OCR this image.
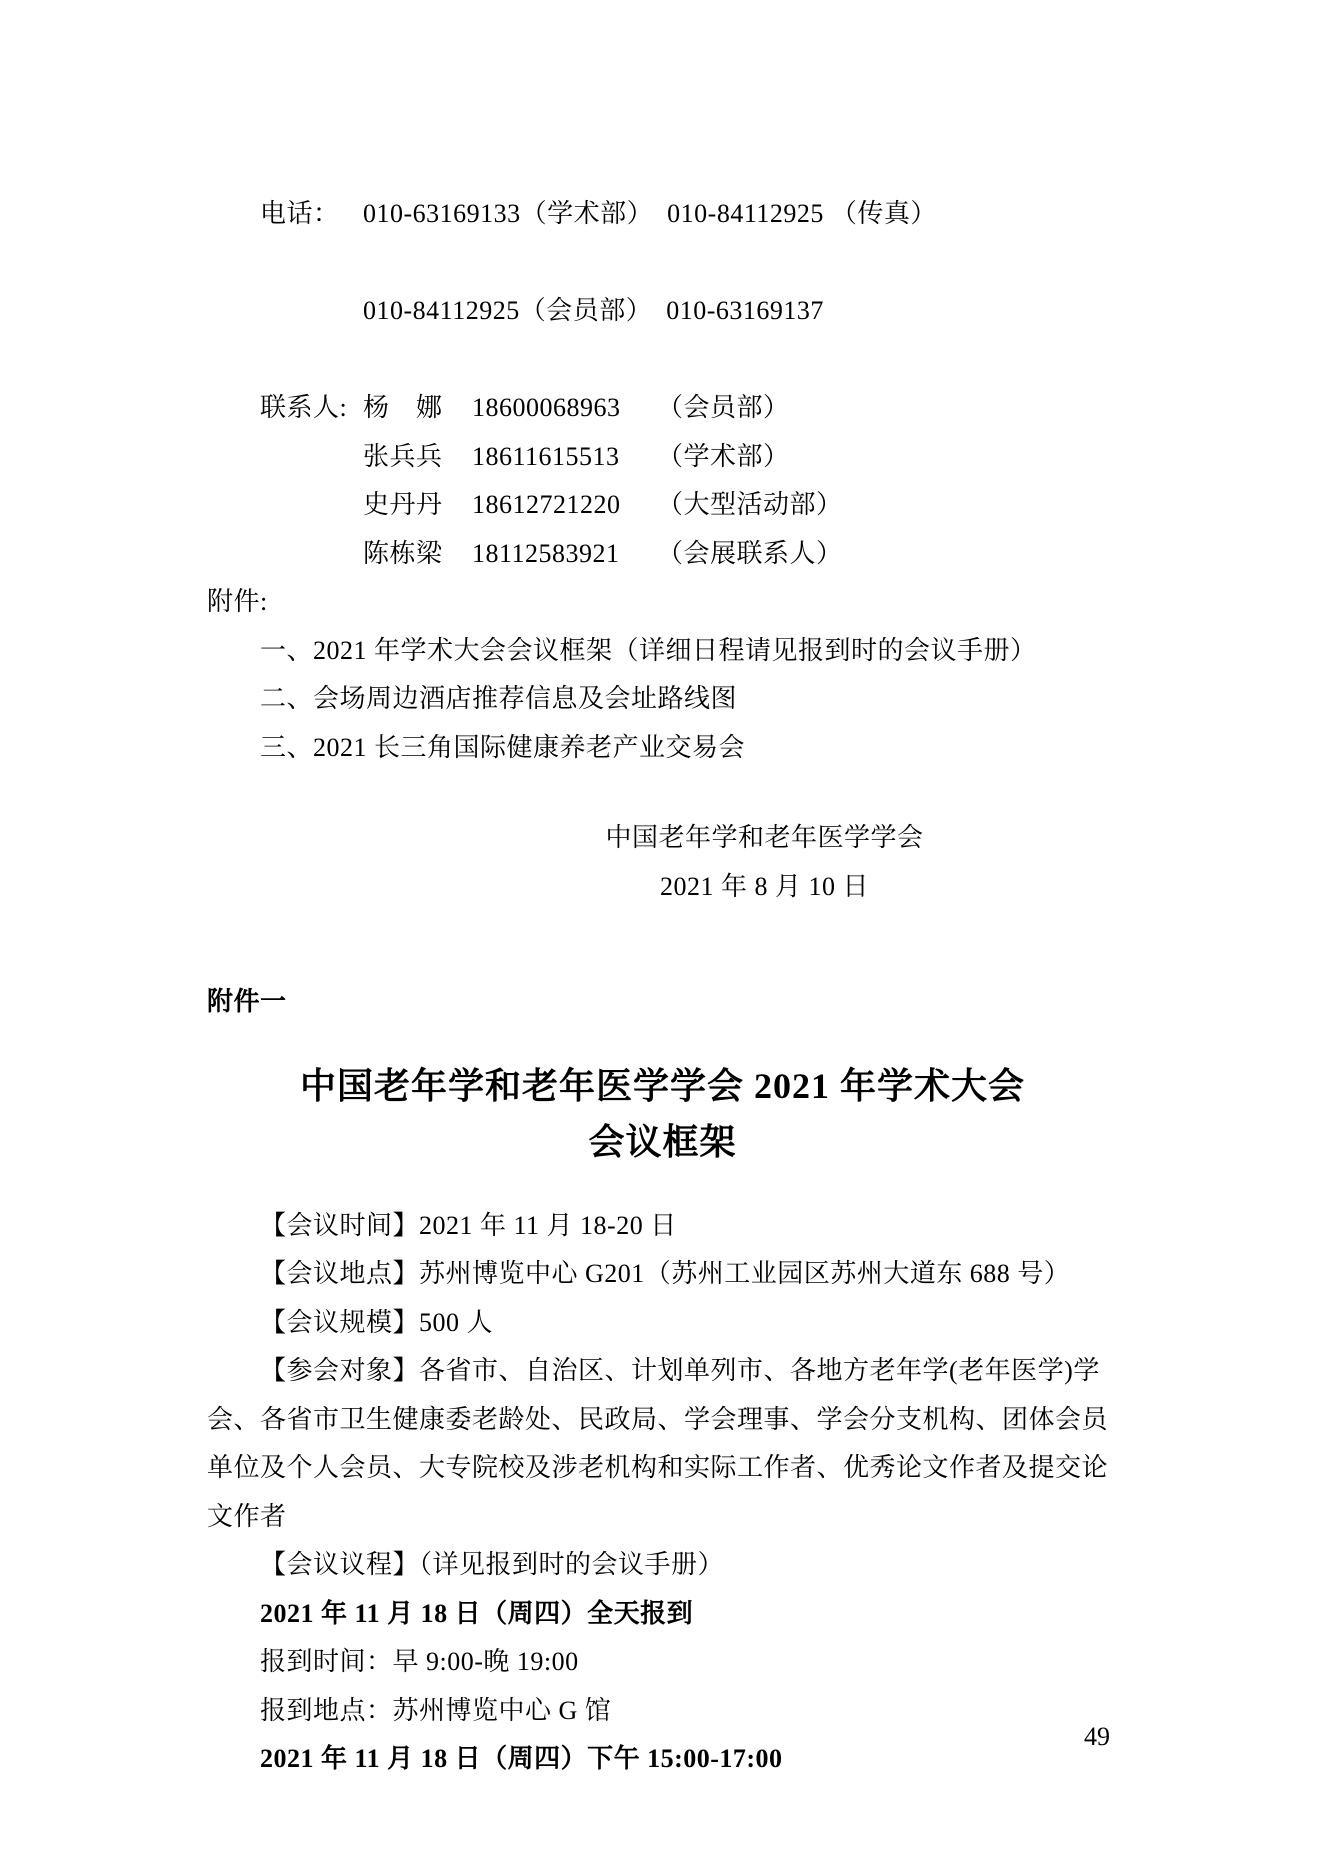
电话： 010-63169133（学术部）  010-84112925 （传真）

010-84112925（会员部）  010-63169137

联系人: 杨　娜	18600068963	（会员部）
张兵兵	18611615513	（学术部）
史丹丹	18612721220	（大型活动部）
陈栋梁	18112583921	（会展联系人）
附件:
一、2021 年学术大会会议框架（详细日程请见报到时的会议手册）
二、会场周边酒店推荐信息及会址路线图
三、2021 长三角国际健康养老产业交易会
中国老年学和老年医学学会
2021 年 8 月 10 日
附件一
中国老年学和老年医学学会 2021 年学术大会
会议框架
【会议时间】2021 年 11 月 18-20 日
【会议地点】苏州博览中心 G201（苏州工业园区苏州大道东 688 号）
【会议规模】500 人
【参会对象】各省市、自治区、计划单列市、各地方老年学(老年医学)学
会、各省市卫生健康委老龄处、民政局、学会理事、学会分支机构、团体会员
单位及个人会员、大专院校及涉老机构和实际工作者、优秀论文作者及提交论
文作者
【会议议程】（详见报到时的会议手册）
2021 年 11 月 18 日（周四）全天报到
报到时间：早 9:00-晚 19:00
报到地点：苏州博览中心 G 馆
2021 年 11 月 18 日（周四）下午 15:00-17:00
49
